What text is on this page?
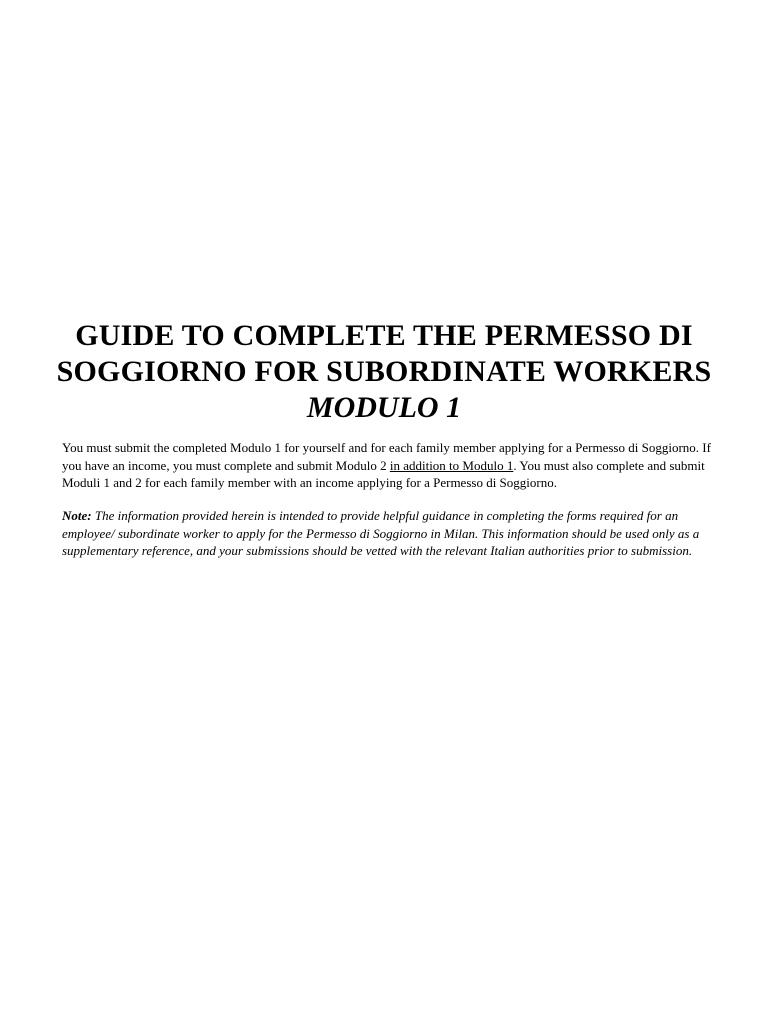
GUIDE TO COMPLETE THE PERMESSO DI
SOGGIORNO FOR SUBORDINATE WORKERS
MODULO 1

You must submit the completed Modulo 1 for yourself and for each family member applying for a Permesso di Soggiorno. If you have an income, you must complete and submit Modulo 2 in addition to Modulo 1. You must also complete and submit Moduli 1 and 2 for each family member with an income applying for a Permesso di Soggiorno.

Note: The information provided herein is intended to provide helpful guidance in completing the forms required for an employee/ subordinate worker to apply for the Permesso di Soggiorno in Milan. This information should be used only as a supplementary reference, and your submissions should be vetted with the relevant Italian authorities prior to submission.
